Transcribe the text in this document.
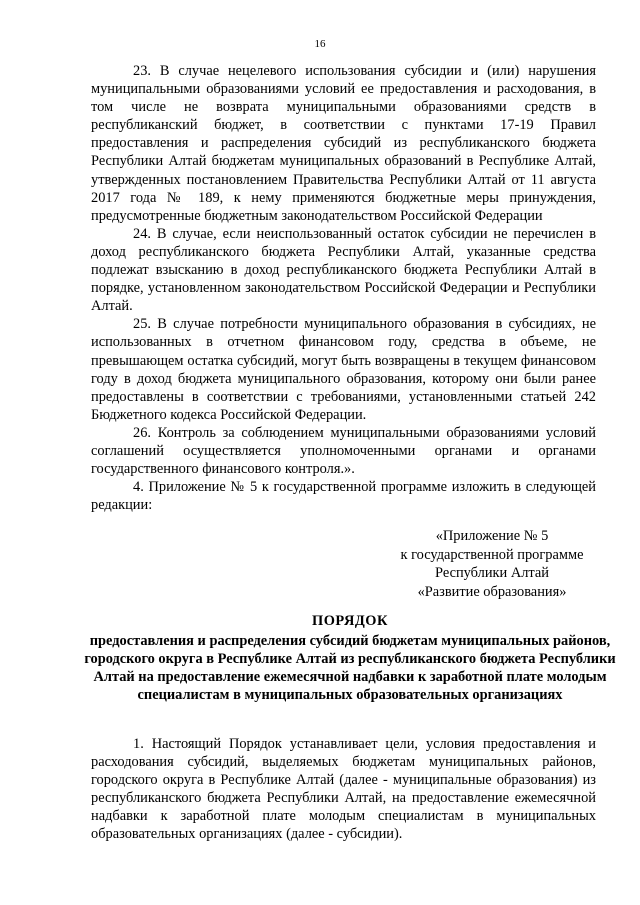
16

23. В случае нецелевого использования субсидии и (или) нарушения муниципальными образованиями условий ее предоставления и расходования, в том числе не возврата муниципальными образованиями средств в республиканский бюджет, в соответствии с пунктами 17-19 Правил предоставления и распределения субсидий из республиканского бюджета Республики Алтай бюджетам муниципальных образований в Республике Алтай, утвержденных постановлением Правительства Республики Алтай от 11 августа 2017 года № 189, к нему применяются бюджетные меры принуждения, предусмотренные бюджетным законодательством Российской Федерации

24. В случае, если неиспользованный остаток субсидии не перечислен в доход республиканского бюджета Республики Алтай, указанные средства подлежат взысканию в доход республиканского бюджета Республики Алтай в порядке, установленном законодательством Российской Федерации и Республики Алтай.

25. В случае потребности муниципального образования в субсидиях, не использованных в отчетном финансовом году, средства в объеме, не превышающем остатка субсидий, могут быть возвращены в текущем финансовом году в доход бюджета муниципального образования, которому они были ранее предоставлены в соответствии с требованиями, установленными статьей 242 Бюджетного кодекса Российской Федерации.

26. Контроль за соблюдением муниципальными образованиями условий соглашений осуществляется уполномоченными органами и органами государственного финансового контроля.».

4. Приложение № 5 к государственной программе изложить в следующей редакции:

«Приложение № 5
к государственной программе
Республики Алтай
«Развитие образования»
ПОРЯДОК
предоставления и распределения субсидий бюджетам муниципальных районов, городского округа в Республике Алтай из республиканского бюджета Республики Алтай на предоставление ежемесячной надбавки к заработной плате молодым специалистам в муниципальных образовательных организациях

1. Настоящий Порядок устанавливает цели, условия предоставления и расходования субсидий, выделяемых бюджетам муниципальных районов, городского округа в Республике Алтай (далее - муниципальные образования) из республиканского бюджета Республики Алтай, на предоставление ежемесячной надбавки к заработной плате молодым специалистам в муниципальных образовательных организациях (далее - субсидии).
